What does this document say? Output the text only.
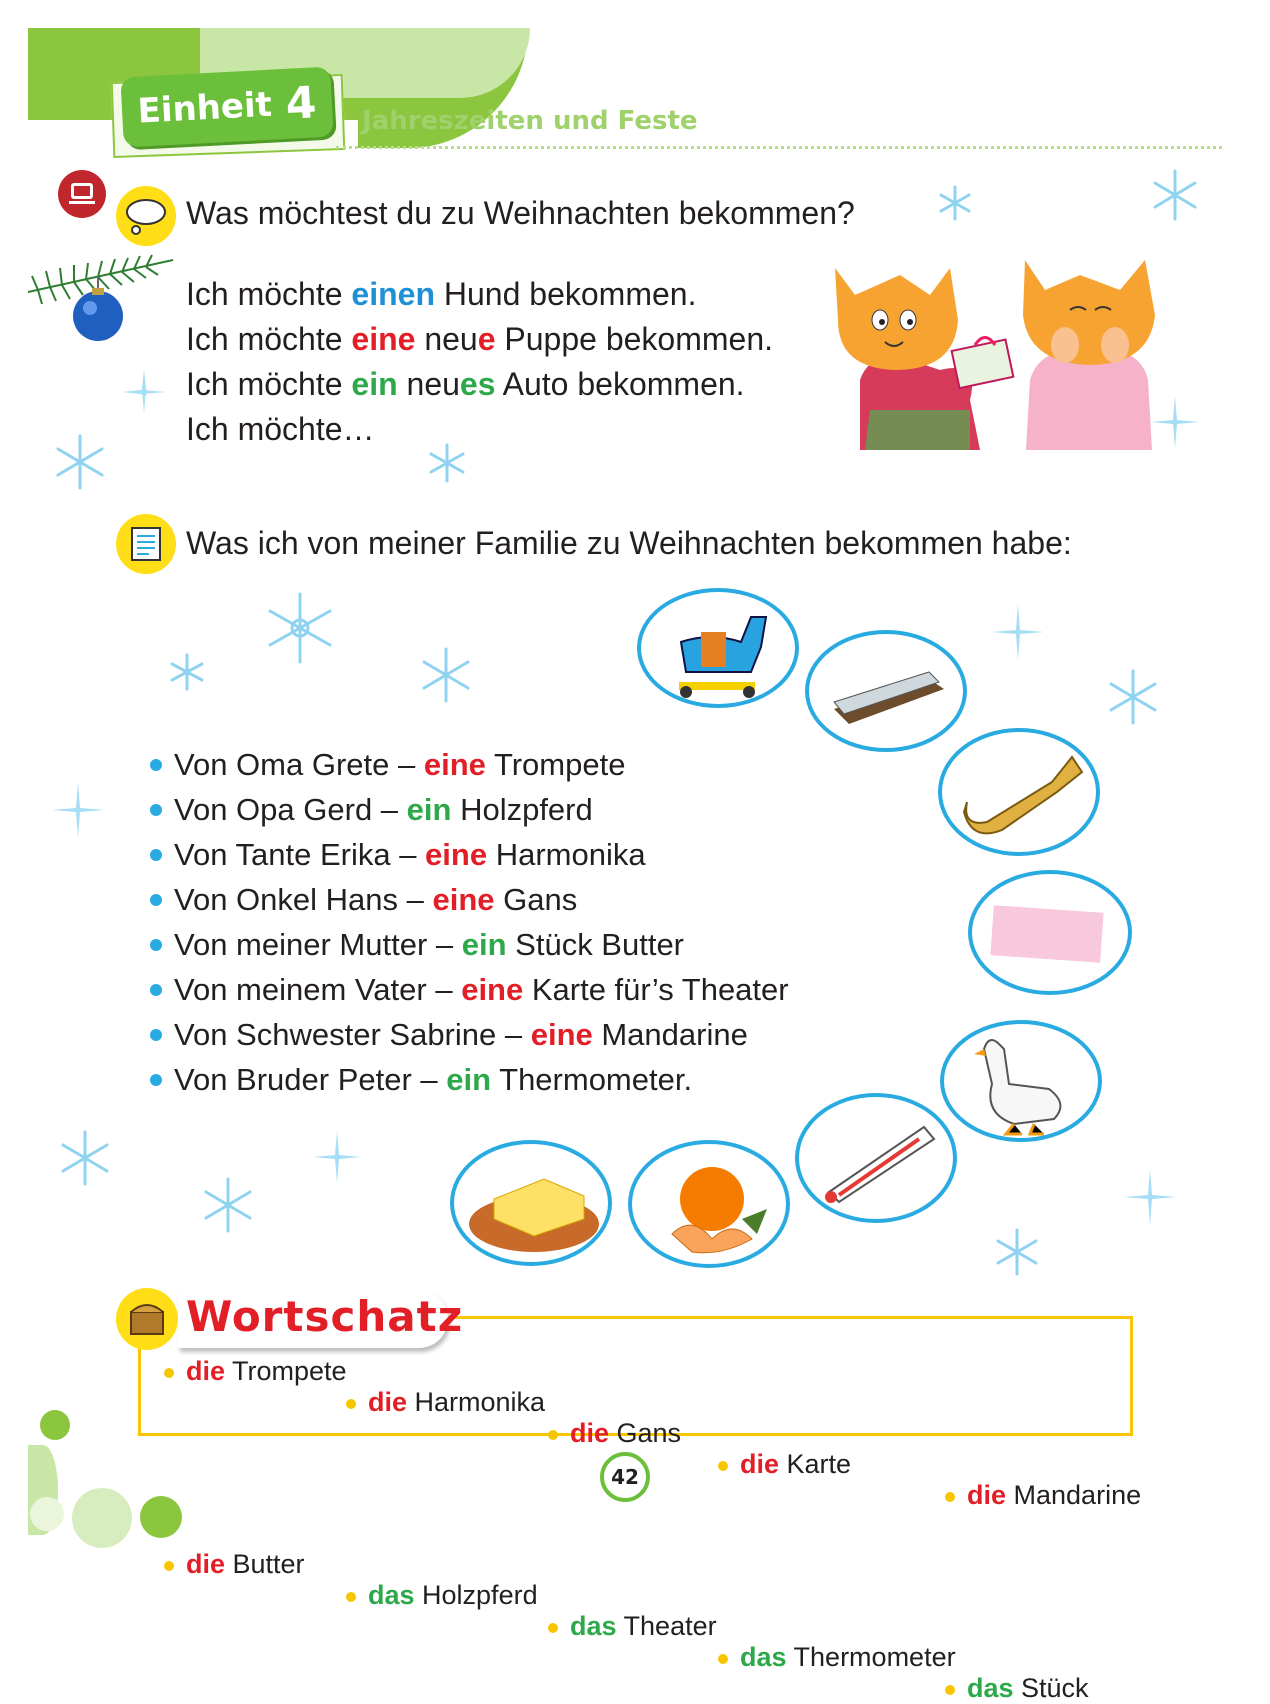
Einheit 4 Jahreszeiten und Feste
Was möchtest du zu Weihnachten bekommen?
Ich möchte einen Hund bekommen.
Ich möchte eine neue Puppe bekommen.
Ich möchte ein neues Auto bekommen.
Ich möchte…
Was ich von meiner Familie zu Weihnachten bekommen habe:
Von Oma Grete – eine Trompete
Von Opa Gerd – ein Holzpferd
Von Tante Erika – eine Harmonika
Von Onkel Hans – eine Gans
Von meiner Mutter – ein Stück Butter
Von meinem Vater – eine Karte für’s Theater
Von Schwester Sabrine – eine Mandarine
Von Bruder Peter – ein Thermometer.
Wortschatz
die Trompete
die Harmonika
die Gans
die Karte
die Mandarine
die Butter
das Holzpferd
das Theater
das Thermometer
das Stück
42
